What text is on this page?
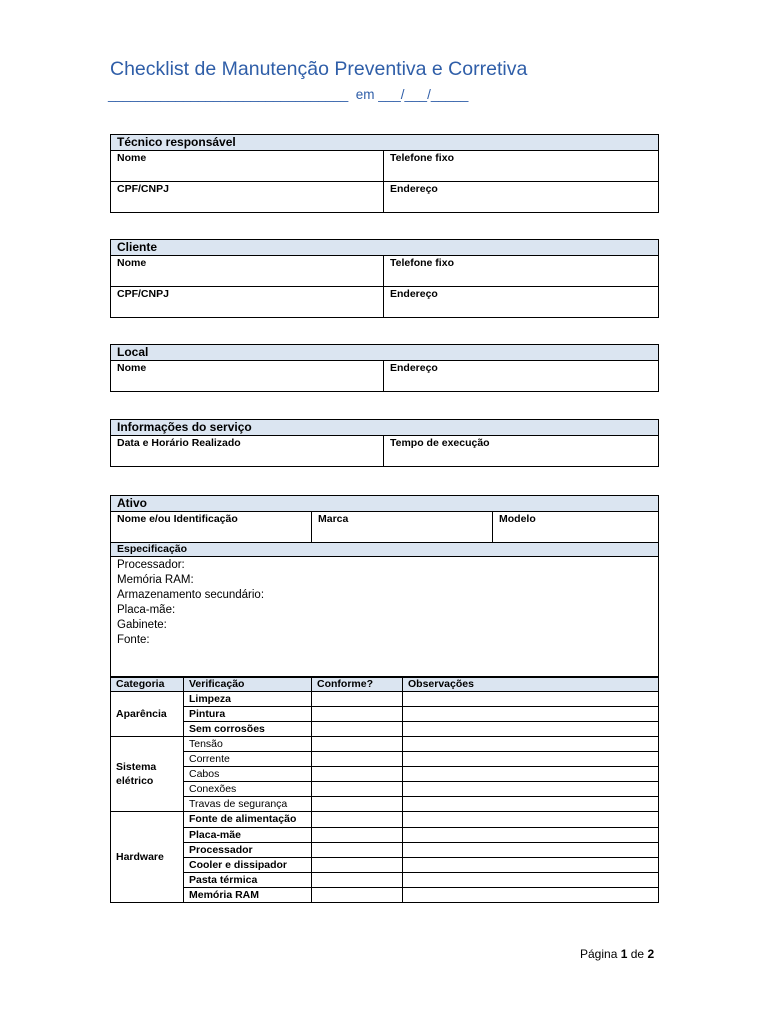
Checklist de Manutenção Preventiva e Corretiva
________________________________  em ___/___/_____
Técnico responsável	
Nome	Telefone fixo
CPF/CNPJ	Endereço
Cliente	
Nome	Telefone fixo
CPF/CNPJ	Endereço
Local
Nome	Endereço
Informações do serviço
Data e Horário Realizado	Tempo de execução
Ativo
Nome e/ou Identificação	Marca	Modelo
Especificação

Processador:
Memória RAM:
Armazenamento secundário:
Placa-mãe:
Gabinete:
Fonte:
Categoria	Verificação	Conforme?	Observações
Aparência	Limpeza		
	Pintura		
	Sem corrosões		
Sistema elétrico	Tensão		
	Corrente		
	Cabos		
	Conexões		
	Travas de segurança		
Hardware	Fonte de alimentação		
	Placa-mãe		
	Processador		
	Cooler e dissipador		
	Pasta térmica		
	Memória RAM		
Página 1 de 2
